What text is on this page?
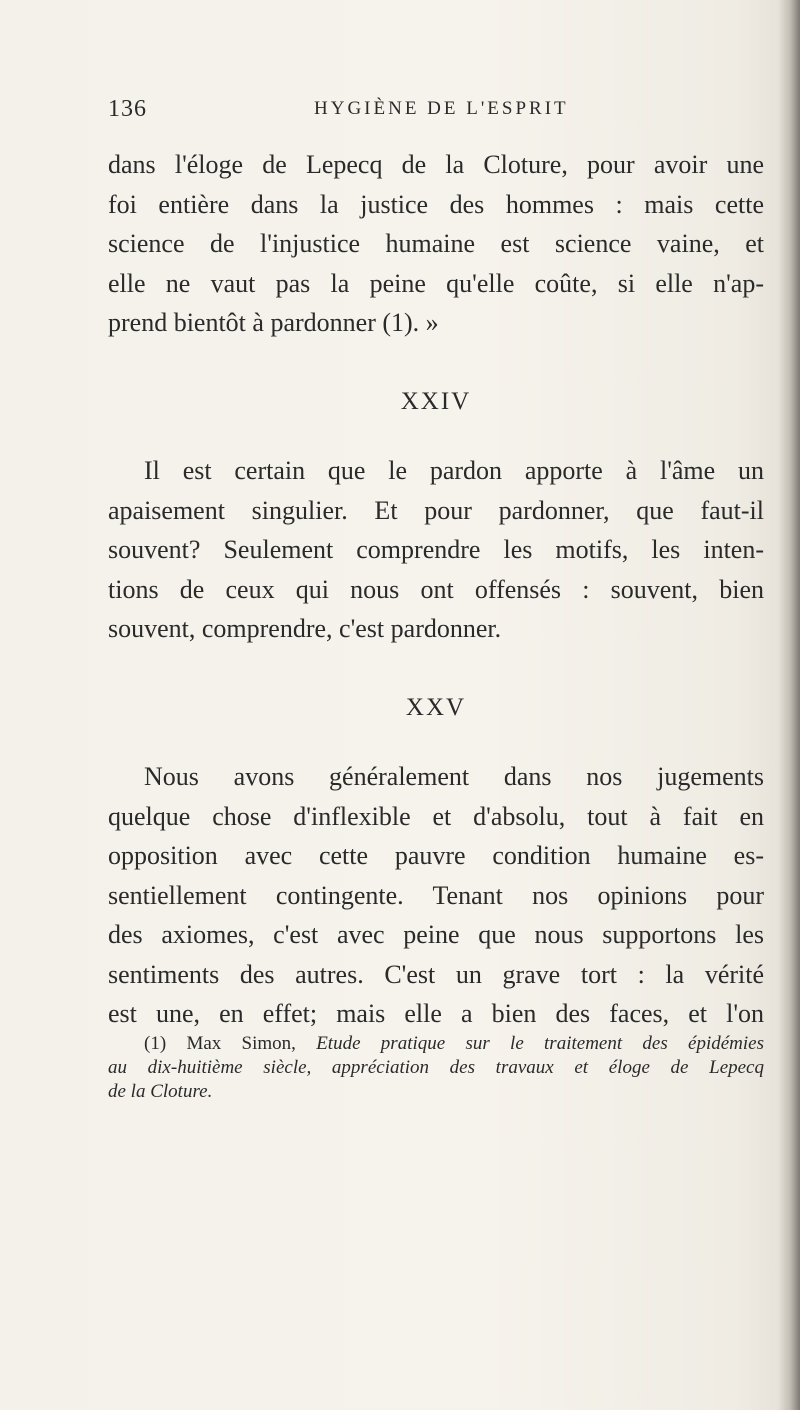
136	HYGIÈNE DE L'ESPRIT
dans l'éloge de Lepecq de la Cloture, pour avoir une
foi entière dans la justice des hommes : mais cette
science de l'injustice humaine est science vaine, et
elle ne vaut pas la peine qu'elle coûte, si elle n'ap-
prend bientôt à pardonner (1). »
XXIV
Il est certain que le pardon apporte à l'âme un
apaisement singulier. Et pour pardonner, que faut-il
souvent? Seulement comprendre les motifs, les inten-
tions de ceux qui nous ont offensés : souvent, bien
souvent, comprendre, c'est pardonner.
XXV
Nous avons généralement dans nos jugements
quelque chose d'inflexible et d'absolu, tout à fait en
opposition avec cette pauvre condition humaine es-
sentiellement contingente. Tenant nos opinions pour
des axiomes, c'est avec peine que nous supportons les
sentiments des autres. C'est un grave tort : la vérité
est une, en effet; mais elle a bien des faces, et l'on
(1) Max Simon, Etude pratique sur le traitement des épidémies
au dix-huitième siècle, appréciation des travaux et éloge de Lepecq
de la Cloture.
